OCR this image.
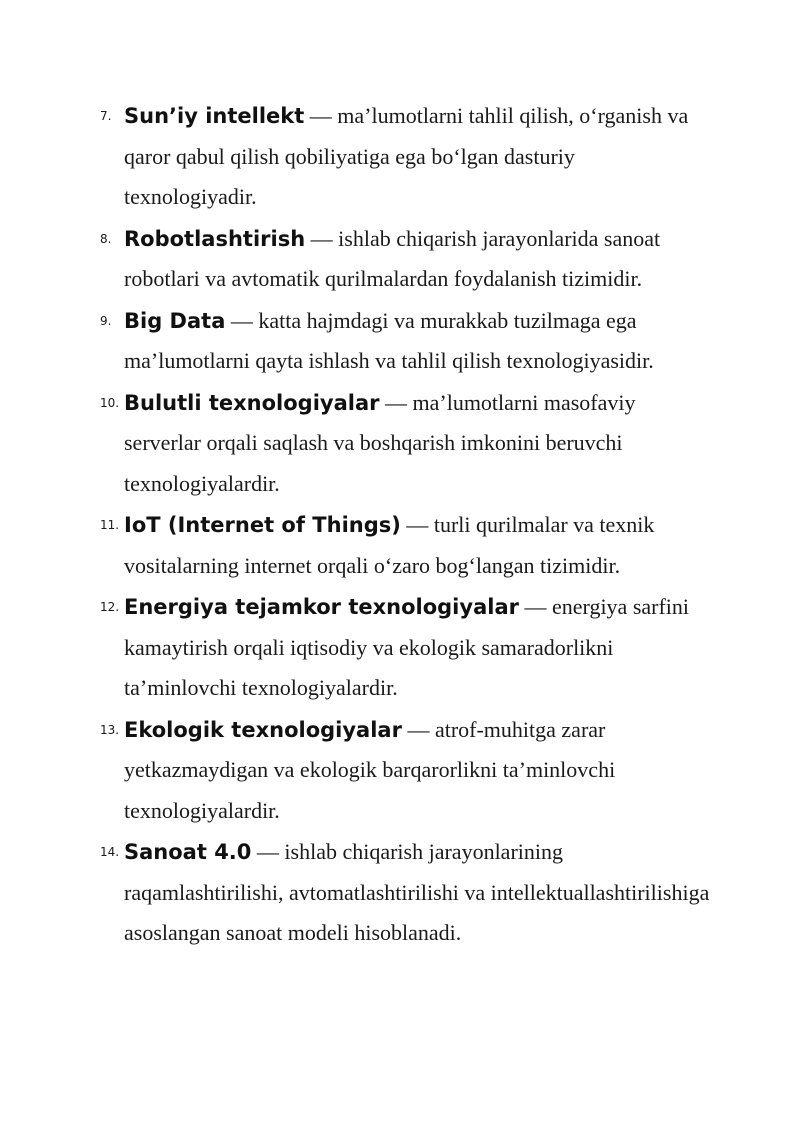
7. Sun’iy intellekt — ma’lumotlarni tahlil qilish, o‘rganish va qaror qabul qilish qobiliyatiga ega bo‘lgan dasturiy texnologiyadir.
8. Robotlashtirish — ishlab chiqarish jarayonlarida sanoat robotlari va avtomatik qurilmalardan foydalanish tizimidir.
9. Big Data — katta hajmdagi va murakkab tuzilmaga ega ma’lumotlarni qayta ishlash va tahlil qilish texnologiyasidir.
10. Bulutli texnologiyalar — ma’lumotlarni masofaviy serverlar orqali saqlash va boshqarish imkonini beruvchi texnologiyalardir.
11. IoT (Internet of Things) — turli qurilmalar va texnik vositalarning internet orqali o‘zaro bog‘langan tizimidir.
12. Energiya tejamkor texnologiyalar — energiya sarfini kamaytirish orqali iqtisodiy va ekologik samaradorlikni ta’minlovchi texnologiyalardir.
13. Ekologik texnologiyalar — atrof-muhitga zarar yetkazmaydigan va ekologik barqarorlikni ta’minlovchi texnologiyalardir.
14. Sanoat 4.0 — ishlab chiqarish jarayonlarining raqamlashtirilishi, avtomatlashtirilishi va intellektuallashtirilishiga asoslangan sanoat modeli hisoblanadi.
